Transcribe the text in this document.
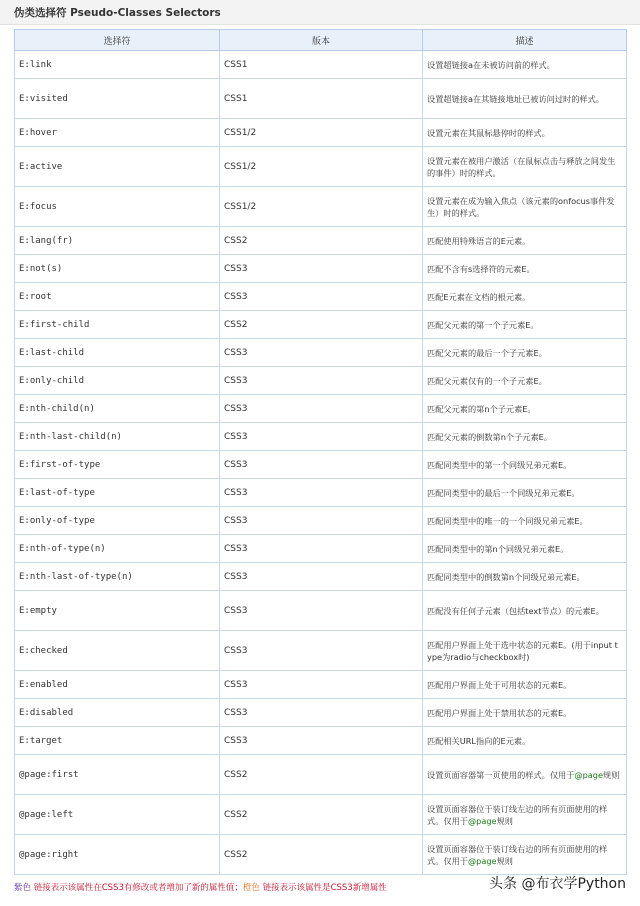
伪类选择符 Pseudo-Classes Selectors
选择符	版本	描述
E:link	CSS1	设置超链接a在未被访问前的样式。
E:visited	CSS1	设置超链接a在其链接地址已被访问过时的样式。
E:hover	CSS1/2	设置元素在其鼠标悬停时的样式。
E:active	CSS1/2	设置元素在被用户激活（在鼠标点击与释放之间发生的事件）时的样式。
E:focus	CSS1/2	设置元素在成为输入焦点（该元素的onfocus事件发生）时的样式。
E:lang(fr)	CSS2	匹配使用特殊语言的E元素。
E:not(s)	CSS3	匹配不含有s选择符的元素E。
E:root	CSS3	匹配E元素在文档的根元素。
E:first-child	CSS2	匹配父元素的第一个子元素E。
E:last-child	CSS3	匹配父元素的最后一个子元素E。
E:only-child	CSS3	匹配父元素仅有的一个子元素E。
E:nth-child(n)	CSS3	匹配父元素的第n个子元素E。
E:nth-last-child(n)	CSS3	匹配父元素的倒数第n个子元素E。
E:first-of-type	CSS3	匹配同类型中的第一个同级兄弟元素E。
E:last-of-type	CSS3	匹配同类型中的最后一个同级兄弟元素E。
E:only-of-type	CSS3	匹配同类型中的唯一的一个同级兄弟元素E。
E:nth-of-type(n)	CSS3	匹配同类型中的第n个同级兄弟元素E。
E:nth-last-of-type(n)	CSS3	匹配同类型中的倒数第n个同级兄弟元素E。
E:empty	CSS3	匹配没有任何子元素（包括text节点）的元素E。
E:checked	CSS3	匹配用户界面上处于选中状态的元素E。(用于input type为radio与checkbox时)
E:enabled	CSS3	匹配用户界面上处于可用状态的元素E。
E:disabled	CSS3	匹配用户界面上处于禁用状态的元素E。
E:target	CSS3	匹配相关URL指向的E元素。
@page:first	CSS2	设置页面容器第一页使用的样式。仅用于@page规则
@page:left	CSS2	设置页面容器位于装订线左边的所有页面使用的样式。仅用于@page规则
@page:right	CSS2	设置页面容器位于装订线右边的所有页面使用的样式。仅用于@page规则
紫色 链接表示该属性在CSS3有修改或者增加了新的属性值；橙色 链接表示该属性是CSS3新增属性	头条 @布衣学Python
